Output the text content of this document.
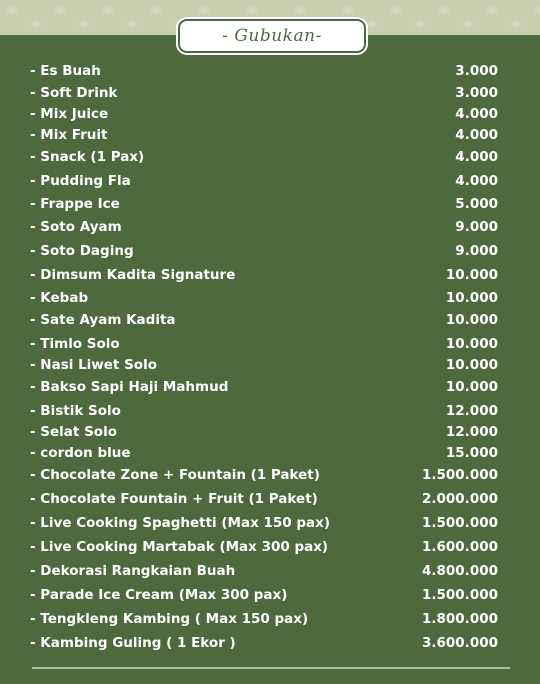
- Gubukan-
- Es Buah	3.000
- Soft Drink	3.000
- Mix Juice	4.000
- Mix Fruit	4.000
- Snack (1 Pax)	4.000
- Pudding Fla	4.000
- Frappe Ice	5.000
- Soto Ayam	9.000
- Soto Daging	9.000
- Dimsum Kadita Signature	10.000
- Kebab	10.000
- Sate Ayam Kadita	10.000
- Timlo Solo	10.000
- Nasi Liwet Solo	10.000
- Bakso Sapi Haji Mahmud	10.000
- Bistik Solo	12.000
- Selat Solo	12.000
- cordon blue	15.000
- Chocolate Zone + Fountain (1 Paket)	1.500.000
- Chocolate Fountain + Fruit (1 Paket)	2.000.000
- Live Cooking Spaghetti (Max 150 pax)	1.500.000
- Live Cooking Martabak (Max 300 pax)	1.600.000
- Dekorasi Rangkaian Buah	4.800.000
- Parade Ice Cream (Max 300 pax)	1.500.000
- Tengkleng Kambing ( Max 150 pax)	1.800.000
- Kambing Guling ( 1 Ekor )	3.600.000
